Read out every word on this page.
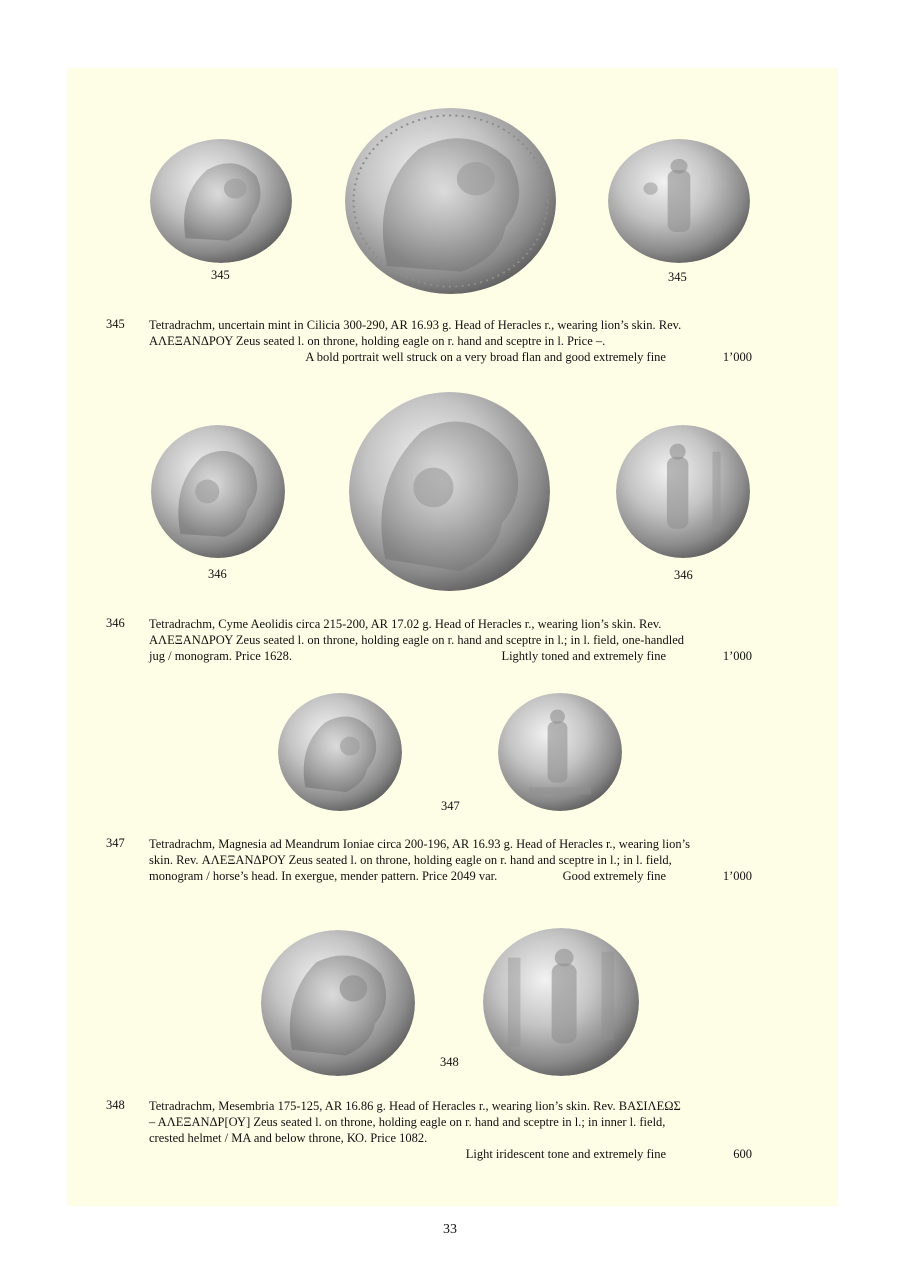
345	345
345 Tetradrachm, uncertain mint in Cilicia 300-290, AR 16.93 g. Head of Heracles r., wearing lion’s skin. Rev.
ΑΛΕΞΑΝΔΡΟΥ Zeus seated l. on throne, holding eagle on r. hand and sceptre in l. Price –.
A bold portrait well struck on a very broad flan and good extremely fine	1’000
346	346
346 Tetradrachm, Cyme Aeolidis circa 215-200, AR 17.02 g. Head of Heracles r., wearing lion’s skin. Rev.
ΑΛΕΞΑΝΔΡΟΥ Zeus seated l. on throne, holding eagle on r. hand and sceptre in l.; in l. field, one-handled
jug / monogram. Price 1628.	Lightly toned and extremely fine	1’000
347
347 Tetradrachm, Magnesia ad Meandrum Ioniae circa 200-196, AR 16.93 g. Head of Heracles r., wearing lion’s
skin. Rev. ΑΛΕΞΑΝΔΡΟΥ Zeus seated l. on throne, holding eagle on r. hand and sceptre in l.; in l. field,
monogram / horse’s head. In exergue, mender pattern. Price 2049 var.	Good extremely fine	1’000
348
348 Tetradrachm, Mesembria 175-125, AR 16.86 g. Head of Heracles r., wearing lion’s skin. Rev. ΒΑΣΙΛΕΩΣ
– ΑΛΕΞΑΝΔΡ[ΟΥ] Zeus seated l. on throne, holding eagle on r. hand and sceptre in l.; in inner l. field,
crested helmet / ΜΑ and below throne, ΚΟ. Price 1082.
Light iridescent tone and extremely fine	600
33
